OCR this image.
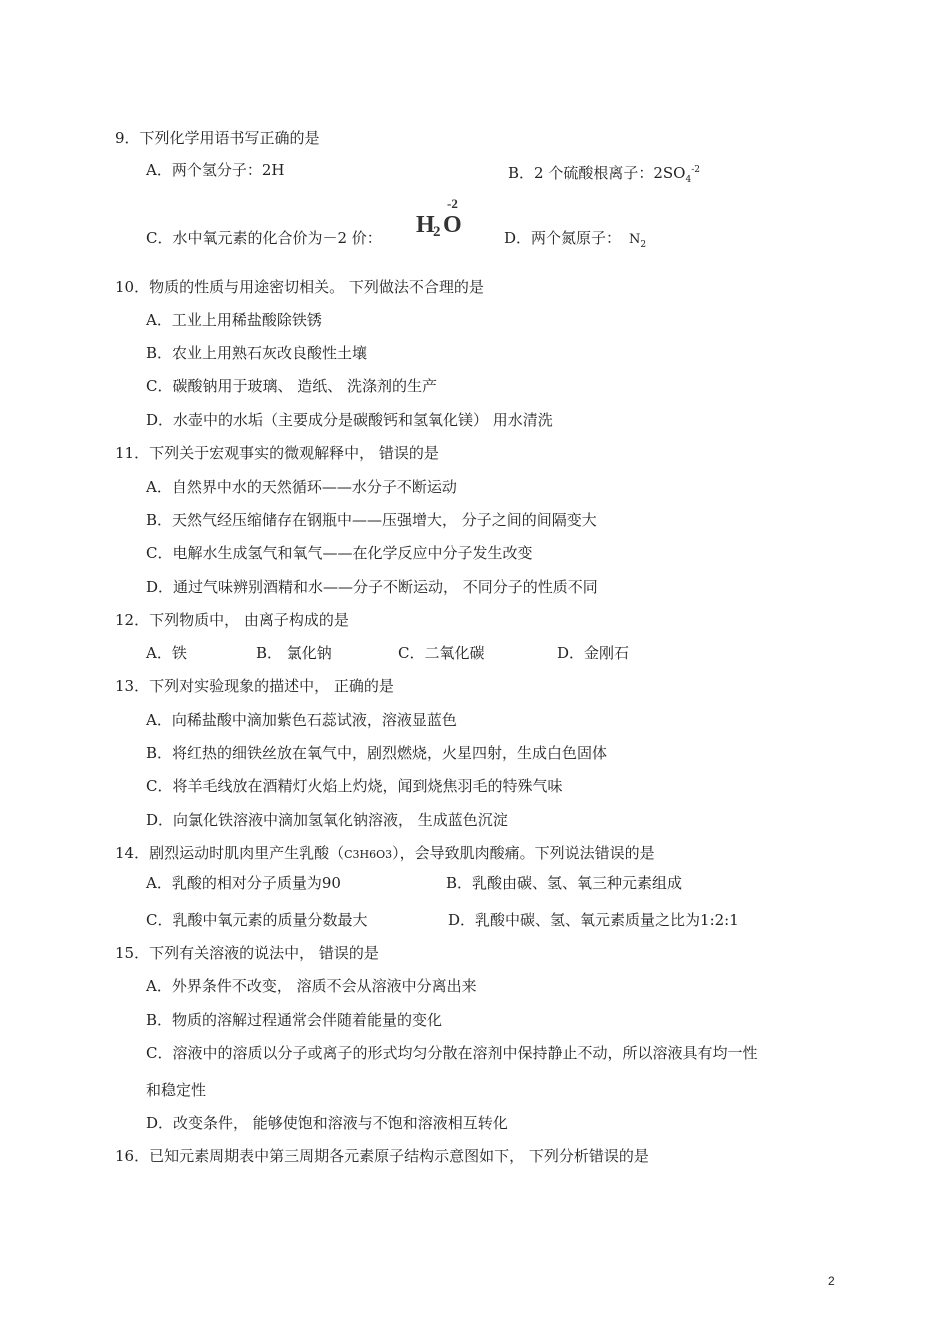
9．下列化学用语书写正确的是
A．两个氢分子：2H	B．2 个硫酸根离子：$2SO_4^{-2}$
C．水中氧元素的化合价为－2 价： H
2 O
-2
D．两个氮原子： $N_2$
10．物质的性质与用途密切相关。 下列做法不合理的是
A．工业上用稀盐酸除铁锈
B．农业上用熟石灰改良酸性土壤
C．碳酸钠用于玻璃、 造纸、 洗涤剂的生产
D．水壶中的水垢（主要成分是碳酸钙和氢氧化镁） 用水清洗
11．下列关于宏观事实的微观解释中， 错误的是
A．自然界中水的天然循环——水分子不断运动
B．天然气经压缩储存在钢瓶中——压强增大， 分子之间的间隔变大
C．电解水生成氢气和氧气——在化学反应中分子发生改变
D．通过气味辨别酒精和水——分子不断运动， 不同分子的性质不同
12．下列物质中， 由离子构成的是
A．铁	B． 氯化钠	C．二氧化碳	D．金刚石
13．下列对实验现象的描述中， 正确的是
A．向稀盐酸中滴加紫色石蕊试液，溶液显蓝色
B．将红热的细铁丝放在氧气中，剧烈燃烧，火星四射，生成白色固体
C．将羊毛线放在酒精灯火焰上灼烧，闻到烧焦羽毛的特殊气味
D．向氯化铁溶液中滴加氢氧化钠溶液， 生成蓝色沉淀
14．剧烈运动时肌肉里产生乳酸（C3H6O3），会导致肌肉酸痛。下列说法错误的是
A．乳酸的相对分子质量为90	B．乳酸由碳、氢、氧三种元素组成
C．乳酸中氧元素的质量分数最大	D．乳酸中碳、氢、氧元素质量之比为1:2:1
15．下列有关溶液的说法中， 错误的是
A．外界条件不改变， 溶质不会从溶液中分离出来
B．物质的溶解过程通常会伴随着能量的变化
C．溶液中的溶质以分子或离子的形式均匀分散在溶剂中保持静止不动，所以溶液具有均一性
和稳定性
D．改变条件， 能够使饱和溶液与不饱和溶液相互转化
16．已知元素周期表中第三周期各元素原子结构示意图如下， 下列分析错误的是
2
